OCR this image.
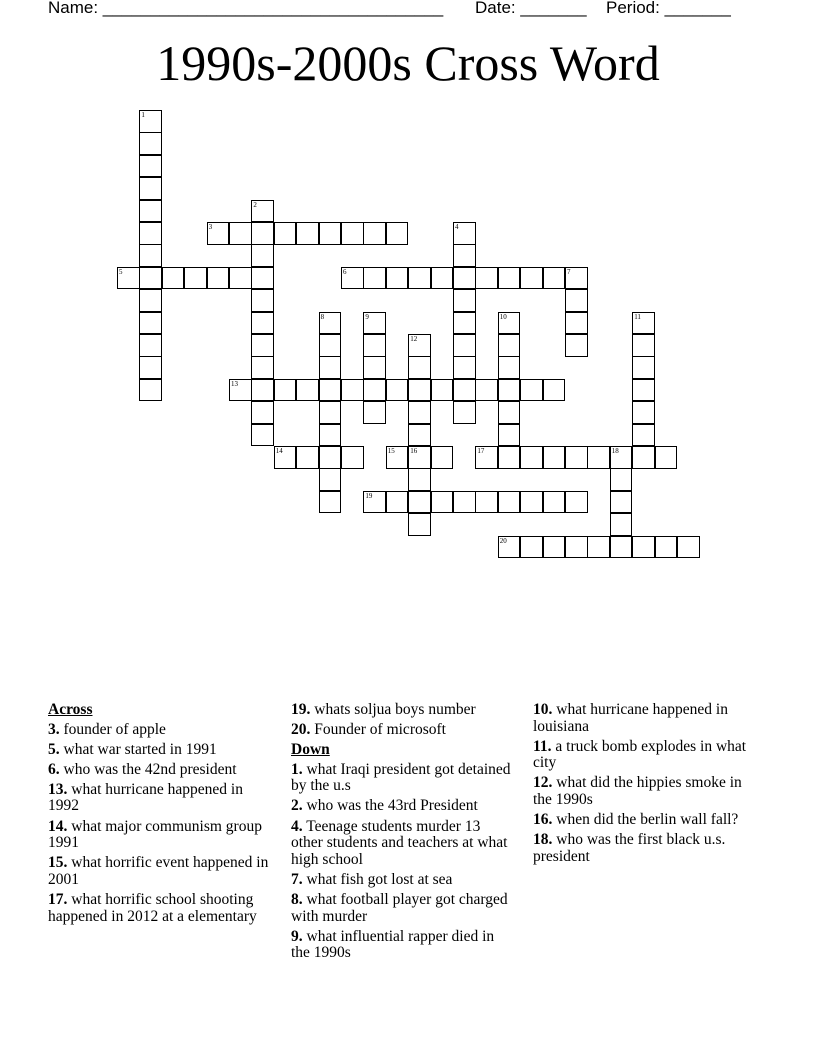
Name: ____________________________________ Date: _______ Period: _______
1990s-2000s Cross Word
3
5	6
13
14	15	17
19
20
1
2
4
7
8	9	10	11
12
16	18
Across
3. founder of apple
5. what war started in 1991
6. who was the 42nd president
13. what hurricane happened in 1992
14. what major communism group 1991
15. what horrific event happened in 2001
17. what horrific school shooting happened in 2012 at a elementary
19. whats soljua boys number
20. Founder of microsoft
Down
1. what Iraqi president got detained by the u.s
2. who was the 43rd President
4. Teenage students murder 13 other students and teachers at what high school
7. what fish got lost at sea
8. what football player got charged with murder
9. what influential rapper died in the 1990s
10. what hurricane happened in louisiana
11. a truck bomb explodes in what city
12. what did the hippies smoke in the 1990s
16. when did the berlin wall fall?
18. who was the first black u.s. president
